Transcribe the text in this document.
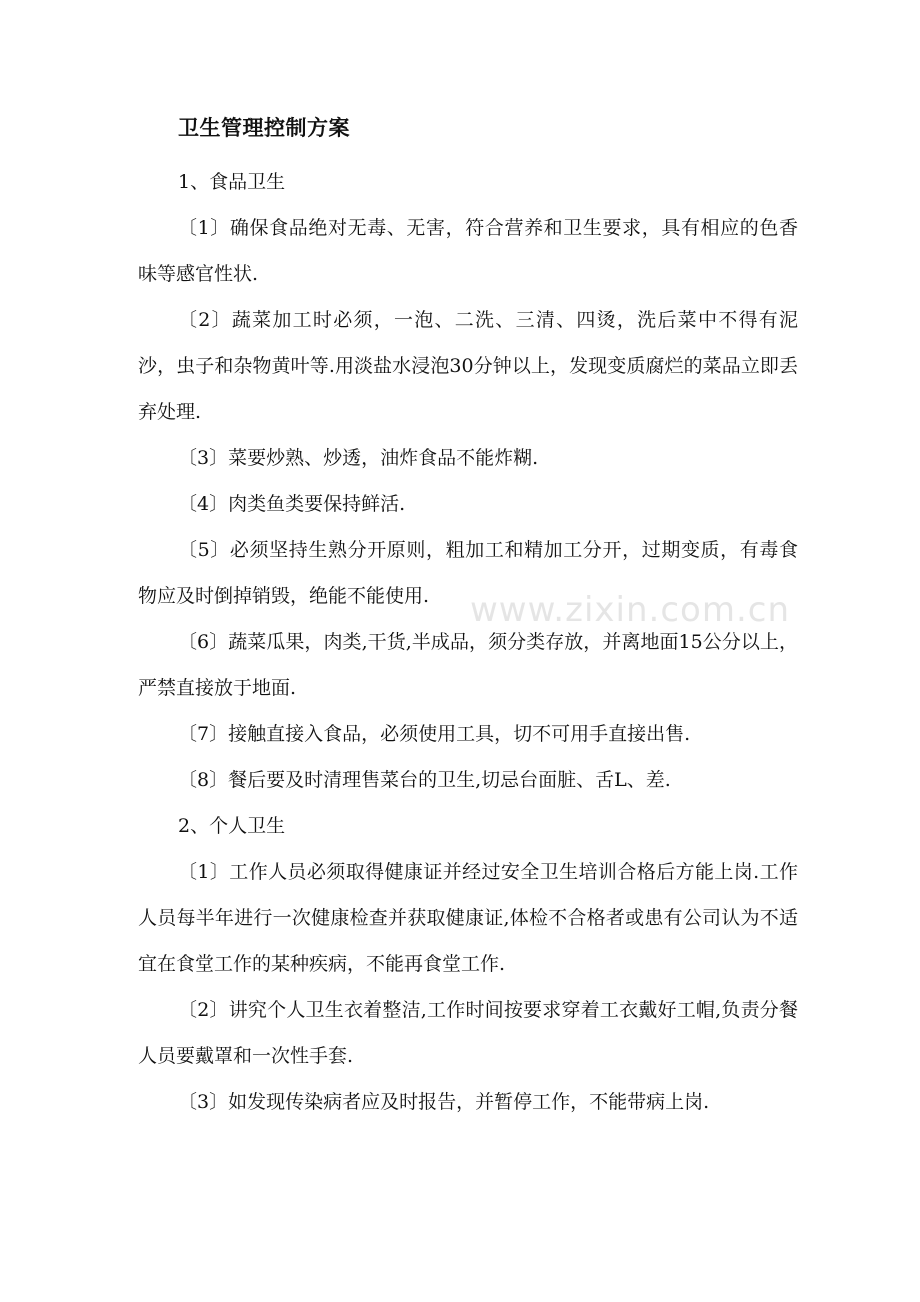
www.zixin.com.cn
卫生管理控制方案

1、食品卫生

〔1〕确保食品绝对无毒、无害，符合营养和卫生要求，具有相应的色香味等感官性状.

〔2〕蔬菜加工时必须，一泡、二洗、三清、四烫，洗后菜中不得有泥沙，虫子和杂物黄叶等.用淡盐水浸泡30分钟以上，发现变质腐烂的菜品立即丢弃处理.

〔3〕菜要炒熟、炒透，油炸食品不能炸糊.

〔4〕肉类鱼类要保持鲜活.

〔5〕必须坚持生熟分开原则，粗加工和精加工分开，过期变质，有毒食物应及时倒掉销毁，绝能不能使用.

〔6〕蔬菜瓜果，肉类,干货,半成品，须分类存放，并离地面15公分以上，严禁直接放于地面.

〔7〕接触直接入食品，必须使用工具，切不可用手直接出售.

〔8〕餐后要及时清理售菜台的卫生,切忌台面脏、舌L、差.

2、个人卫生

〔1〕工作人员必须取得健康证并经过安全卫生培训合格后方能上岗.工作人员每半年进行一次健康检查并获取健康证,体检不合格者或患有公司认为不适宜在食堂工作的某种疾病，不能再食堂工作.

〔2〕讲究个人卫生衣着整洁,工作时间按要求穿着工衣戴好工帽,负责分餐人员要戴罩和一次性手套.

〔3〕如发现传染病者应及时报告，并暂停工作，不能带病上岗.
